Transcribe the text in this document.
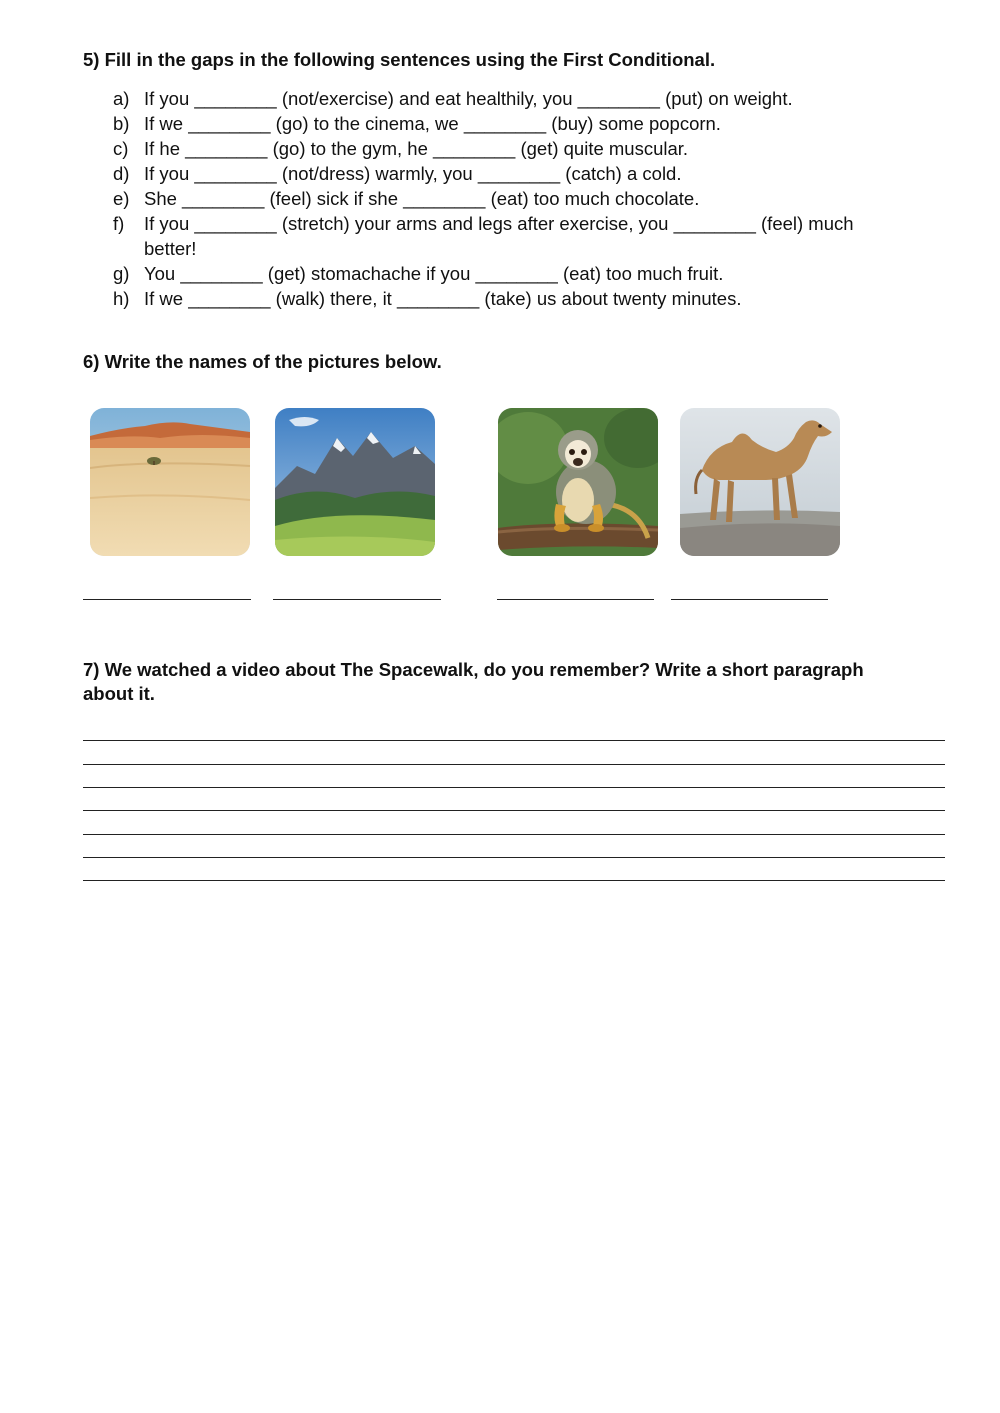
5) Fill in the gaps in the following sentences using the First Conditional.

a) If you ________ (not/exercise) and eat healthily, you ________ (put) on weight.
b) If we ________ (go) to the cinema, we ________ (buy) some popcorn.
c) If he ________ (go) to the gym, he ________ (get) quite muscular.
d) If you ________ (not/dress) warmly, you ________ (catch) a cold.
e) She ________ (feel) sick if she ________ (eat) too much chocolate.
f)	If you ________ (stretch) your arms and legs after exercise, you ________ (feel) much better!
g) You ________ (get) stomachache if you ________ (eat) too much fruit.
h) If we ________ (walk) there, it ________ (take) us about twenty minutes.

6) Write the names of the pictures below.

7) We watched a video about The Spacewalk, do you remember? Write a short paragraph about it.
